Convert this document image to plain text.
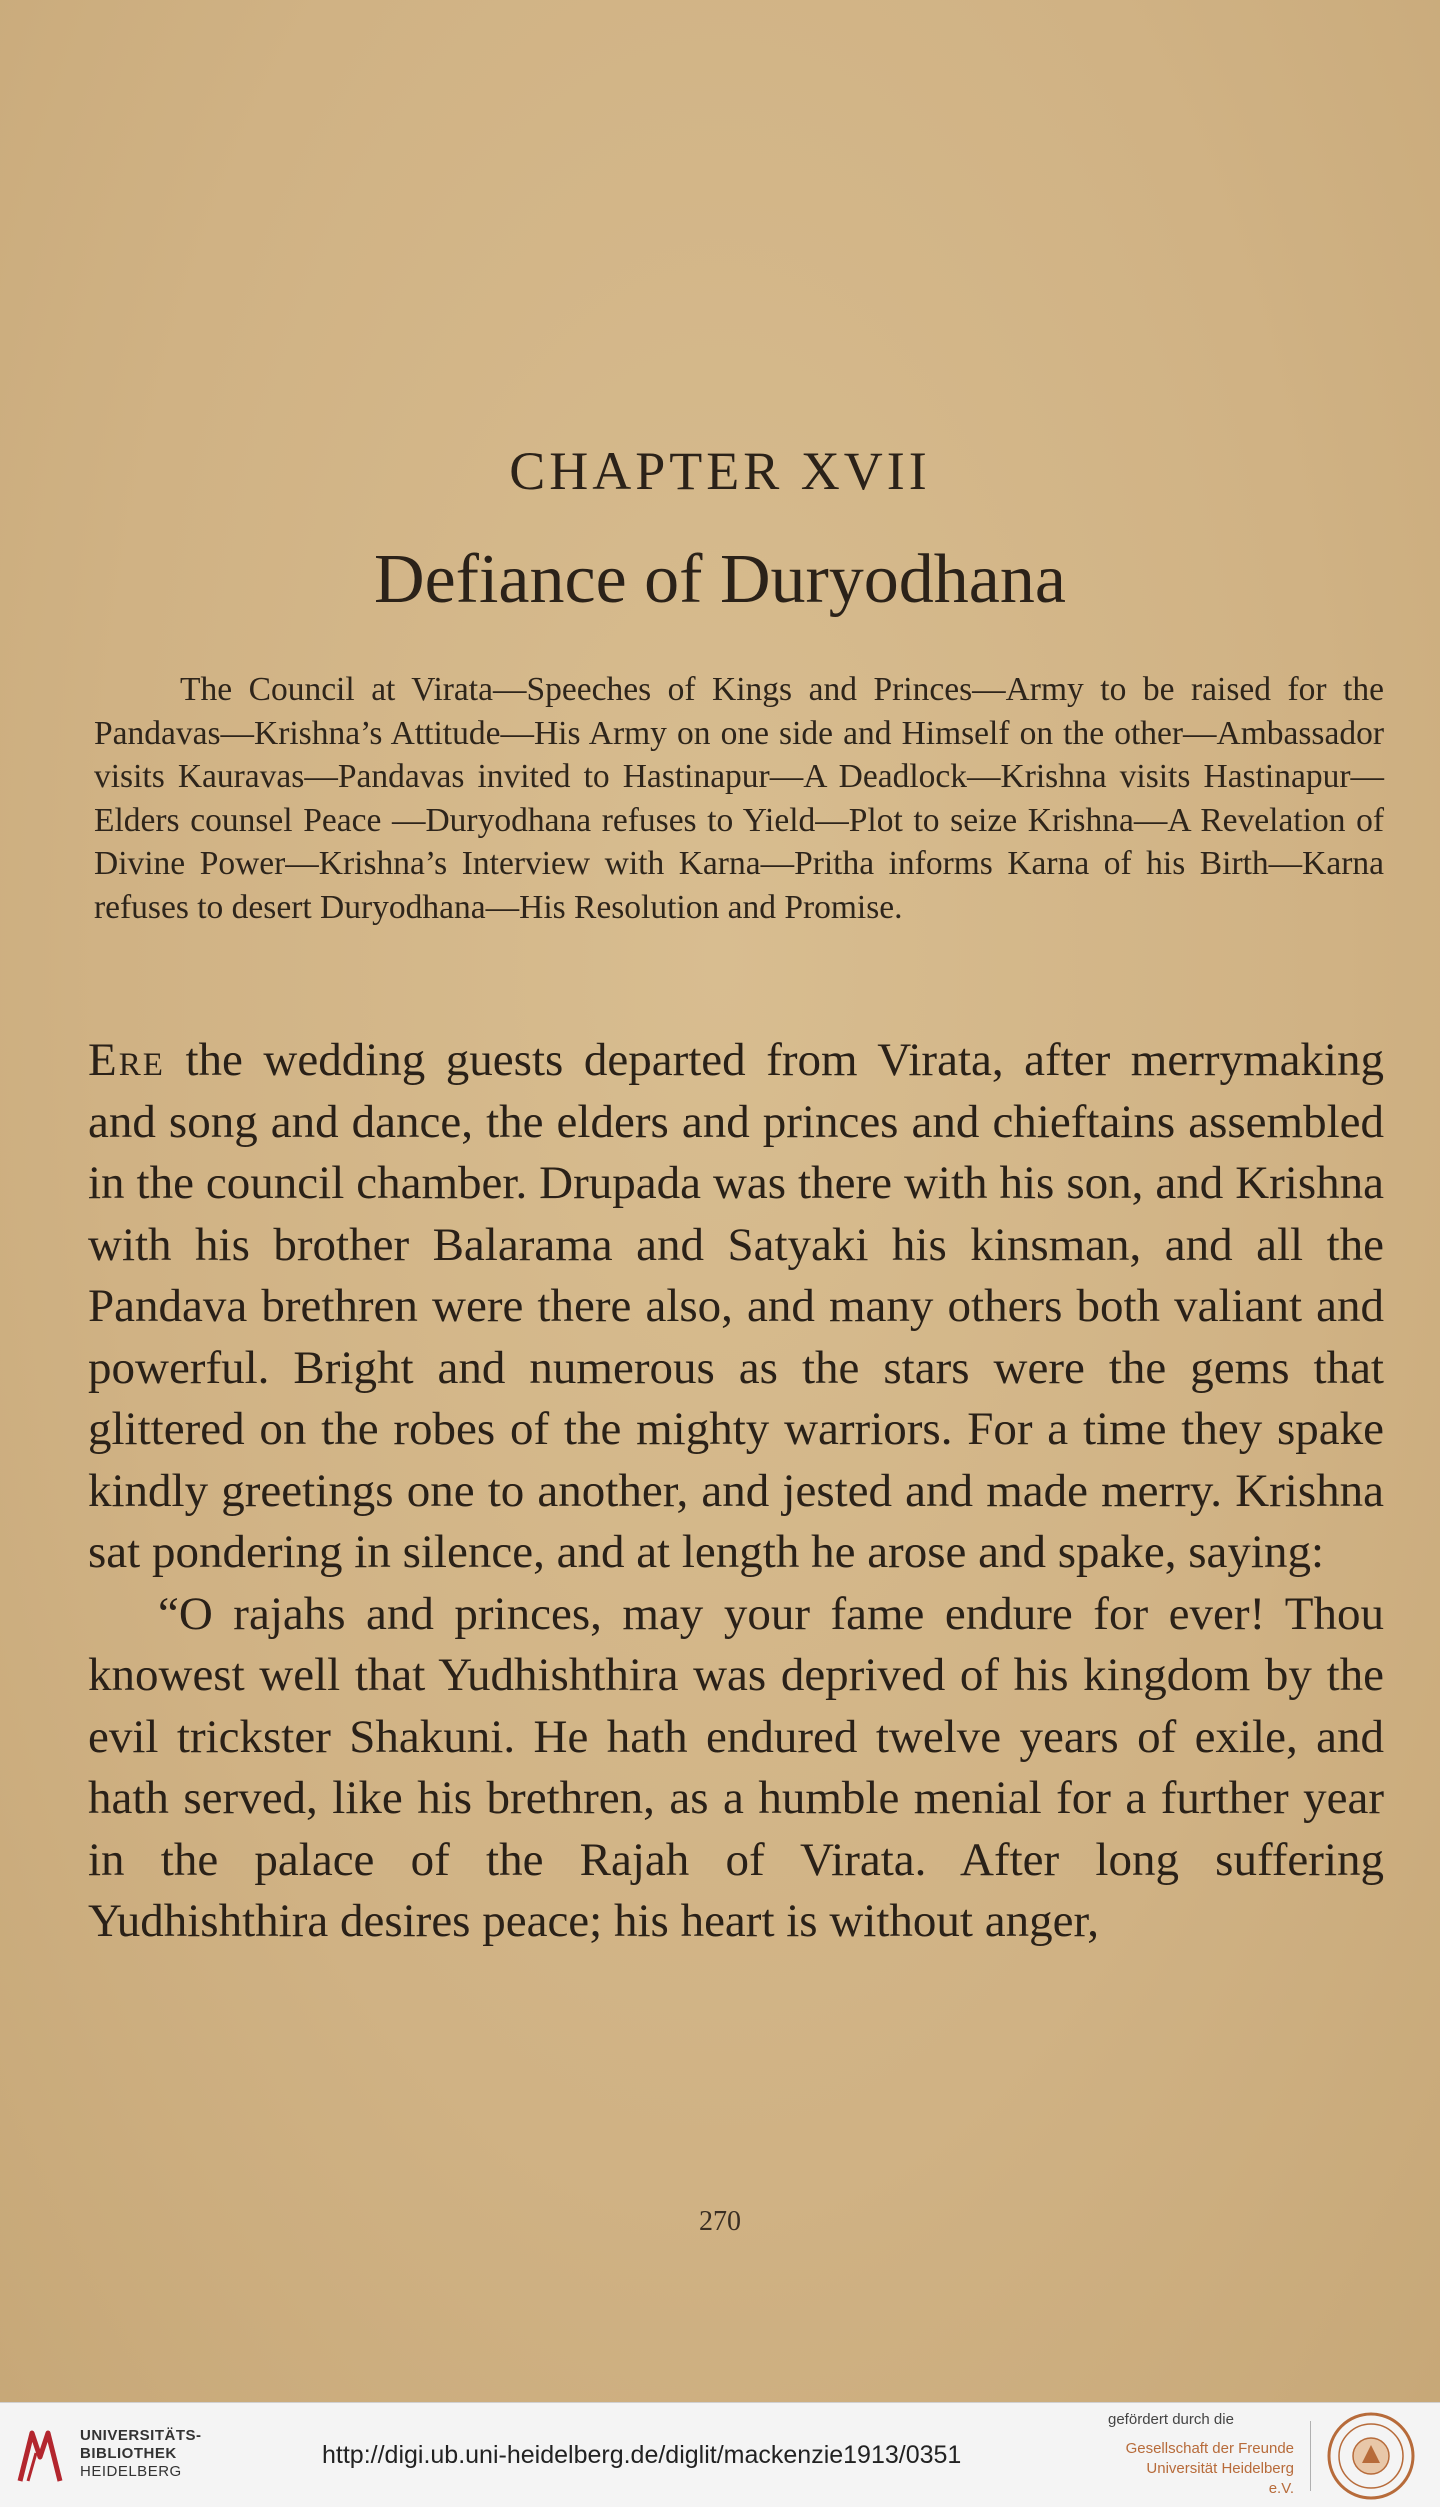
CHAPTER XVII
Defiance of Duryodhana
The Council at Virata—Speeches of Kings and Princes—Army to be raised for the Pandavas—Krishna’s Attitude—His Army on one side and Himself on the other—Ambassador visits Kauravas—Pandavas invited to Hastinapur—A Deadlock—Krishna visits Hastinapur—Elders counsel Peace —Duryodhana refuses to Yield—Plot to seize Krishna—A Revelation of Divine Power—Krishna’s Interview with Karna—Pritha informs Karna of his Birth—Karna refuses to desert Duryodhana—His Resolution and Promise.

Ere the wedding guests departed from Virata, after merrymaking and song and dance, the elders and princes and chieftains assembled in the council chamber. Drupada was there with his son, and Krishna with his brother Balarama and Satyaki his kinsman, and all the Pandava brethren were there also, and many others both valiant and powerful. Bright and numerous as the stars were the gems that glittered on the robes of the mighty warriors. For a time they spake kindly greetings one to another, and jested and made merry. Krishna sat pondering in silence, and at length he arose and spake, saying:

“O rajahs and princes, may your fame endure for ever! Thou knowest well that Yudhishthira was deprived of his kingdom by the evil trickster Shakuni. He hath endured twelve years of exile, and hath served, like his brethren, as a humble menial for a further year in the palace of the Rajah of Virata. After long suffering Yudhishthira desires peace; his heart is without anger,

270
UNIVERSITÄTS-
BIBLIOTHEK
HEIDELBERG
http://digi.ub.uni-heidelberg.de/diglit/mackenzie1913/0351
gefördert durch die
Gesellschaft der Freunde
Universität Heidelberg e.V.
